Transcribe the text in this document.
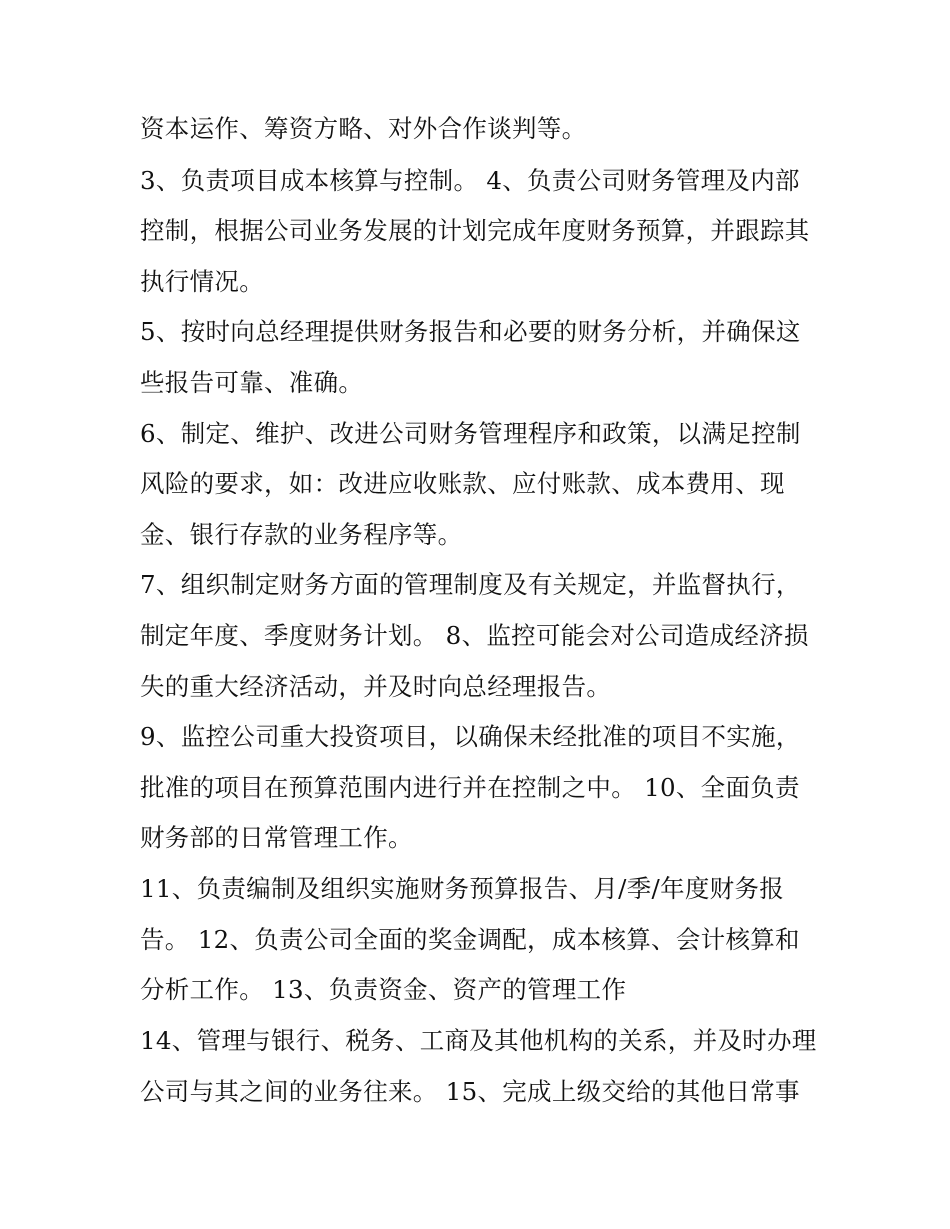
资本运作、筹资方略、对外合作谈判等。
3、负责项目成本核算与控制。 4、负责公司财务管理及内部
控制，根据公司业务发展的计划完成年度财务预算，并跟踪其
执行情况。
5、按时向总经理提供财务报告和必要的财务分析，并确保这
些报告可靠、准确。
6、制定、维护、改进公司财务管理程序和政策，以满足控制
风险的要求，如：改进应收账款、应付账款、成本费用、现
金、银行存款的业务程序等。
7、组织制定财务方面的管理制度及有关规定，并监督执行，
制定年度、季度财务计划。 8、监控可能会对公司造成经济损
失的重大经济活动，并及时向总经理报告。
9、监控公司重大投资项目，以确保未经批准的项目不实施，
批准的项目在预算范围内进行并在控制之中。 10、全面负责
财务部的日常管理工作。
11、负责编制及组织实施财务预算报告、月/季/年度财务报
告。 12、负责公司全面的奖金调配，成本核算、会计核算和
分析工作。 13、负责资金、资产的管理工作
14、管理与银行、税务、工商及其他机构的关系，并及时办理
公司与其之间的业务往来。 15、完成上级交给的其他日常事
